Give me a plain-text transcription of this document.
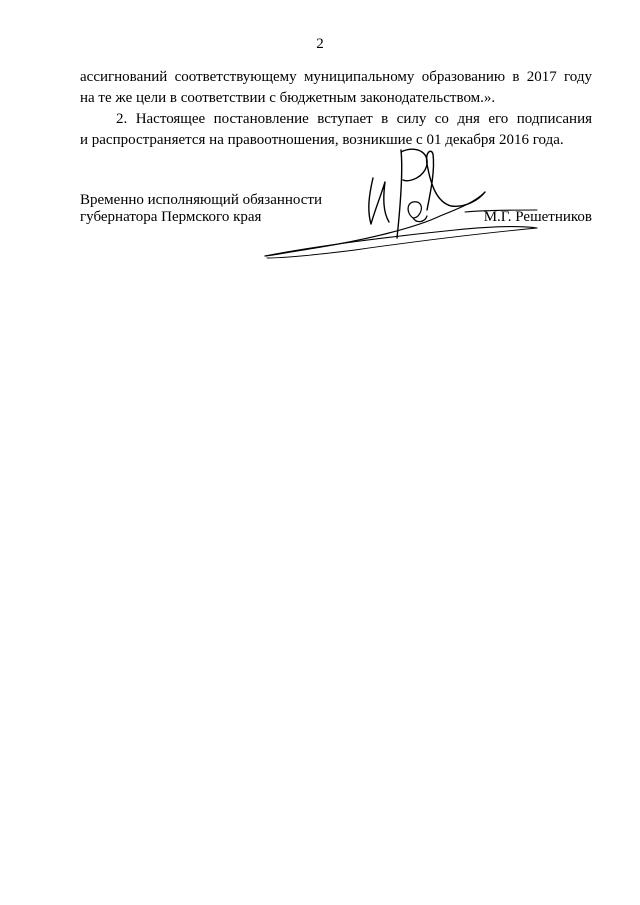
2

ассигнований соответствующему муниципальному образованию в 2017 году
на те же цели в соответствии с бюджетным законодательством.».

2. Настоящее постановление вступает в силу со дня его подписания
и распространяется на правоотношения, возникшие с 01 декабря 2016 года.

Временно исполняющий обязанности
губернатора Пермского края	М.Г. Решетников
